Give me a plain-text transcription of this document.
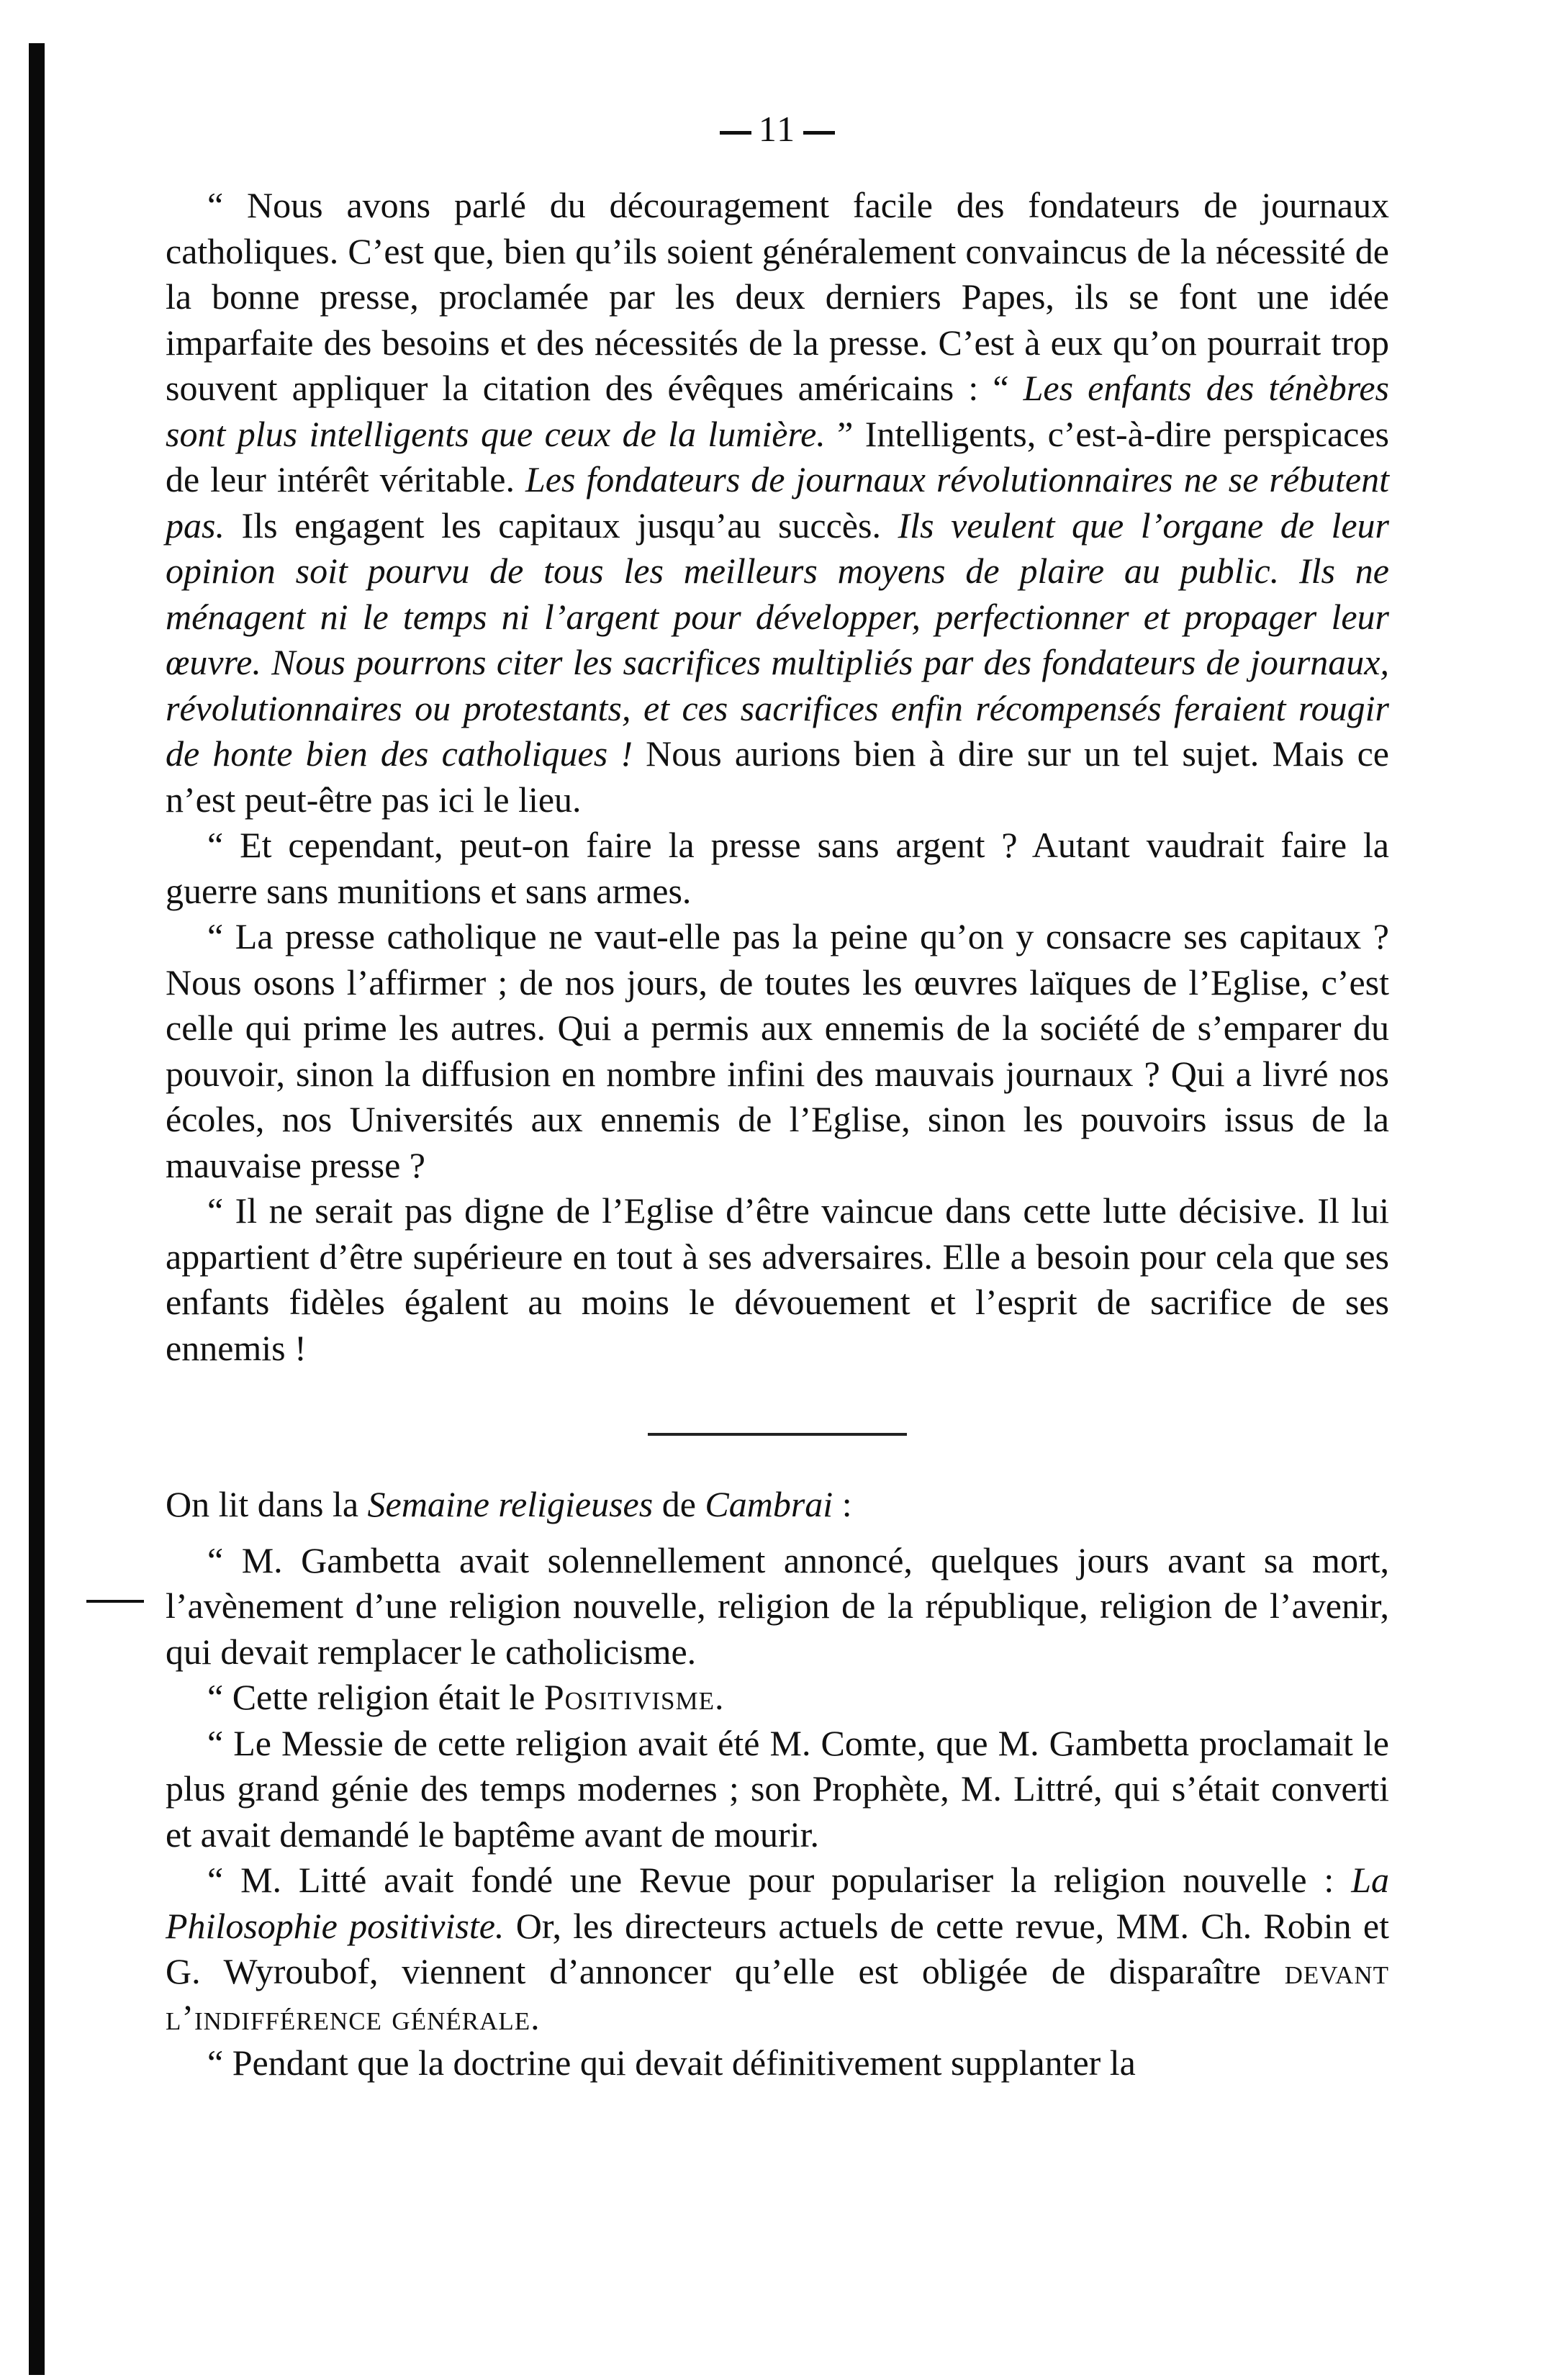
11

“ Nous avons parlé du découragement facile des fondateurs de journaux catholiques. C’est que, bien qu’ils soient généralement convaincus de la nécessité de la bonne presse, proclamée par les deux derniers Papes, ils se font une idée imparfaite des besoins et des nécessités de la presse. C’est à eux qu’on pourrait trop souvent appliquer la citation des évêques américains : “ Les enfants des ténèbres sont plus intelligents que ceux de la lumière. ” Intelligents, c’est-à-dire perspicaces de leur intérêt véritable. Les fondateurs de journaux révolutionnaires ne se rébutent pas. Ils engagent les capitaux jusqu’au succès. Ils veulent que l’organe de leur opinion soit pourvu de tous les meilleurs moyens de plaire au public. Ils ne ménagent ni le temps ni l’argent pour développer, perfectionner et propager leur œuvre. Nous pourrons citer les sacrifices multipliés par des fondateurs de journaux, révolutionnaires ou protestants, et ces sacrifices enfin récompensés feraient rougir de honte bien des catholiques ! Nous aurions bien à dire sur un tel sujet. Mais ce n’est peut-être pas ici le lieu.

“ Et cependant, peut-on faire la presse sans argent ? Autant vaudrait faire la guerre sans munitions et sans armes.

“ La presse catholique ne vaut-elle pas la peine qu’on y consacre ses capitaux ? Nous osons l’affirmer ; de nos jours, de toutes les œuvres laïques de l’Eglise, c’est celle qui prime les autres. Qui a permis aux ennemis de la société de s’emparer du pouvoir, sinon la diffusion en nombre infini des mauvais journaux ? Qui a livré nos écoles, nos Universités aux ennemis de l’Eglise, sinon les pouvoirs issus de la mauvaise presse ?

“ Il ne serait pas digne de l’Eglise d’être vaincue dans cette lutte décisive. Il lui appartient d’être supérieure en tout à ses adversaires. Elle a besoin pour cela que ses enfants fidèles égalent au moins le dévouement et l’esprit de sacrifice de ses ennemis !

On lit dans la Semaine religieuses de Cambrai :

“ M. Gambetta avait solennellement annoncé, quelques jours avant sa mort, l’avènement d’une religion nouvelle, religion de la république, religion de l’avenir, qui devait remplacer le catholicisme.

“ Cette religion était le Positivisme.

“ Le Messie de cette religion avait été M. Comte, que M. Gambetta proclamait le plus grand génie des temps modernes ; son Prophète, M. Littré, qui s’était converti et avait demandé le baptême avant de mourir.

“ M. Litté avait fondé une Revue pour populariser la religion nouvelle : La Philosophie positiviste. Or, les directeurs actuels de cette revue, MM. Ch. Robin et G. Wyroubof, viennent d’annoncer qu’elle est obligée de disparaître devant l’indifférence générale.

“ Pendant que la doctrine qui devait définitivement supplanter la
